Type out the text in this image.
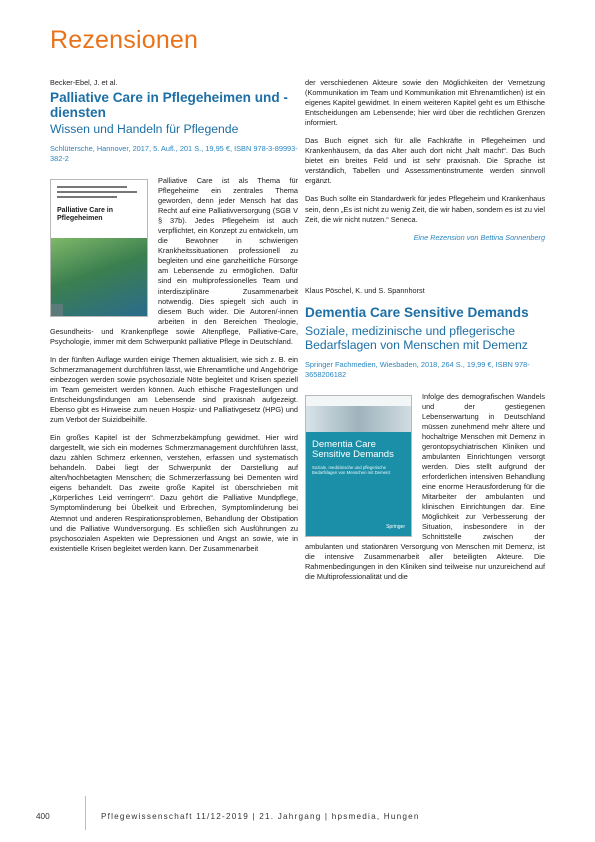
Rezensionen

Becker-Ebel, J. et al.

Palliative Care in Pflegeheimen und -diensten

Wissen und Handeln für Pflegende

Schlütersche, Hannover, 2017, 5. Aufl., 201 S., 19,95 €, ISBN 978-3-89993-382-2

Palliative Care in Pflegeheimen

Palliative Care ist als Thema für Pflegeheime ein zentrales Thema geworden, denn jeder Mensch hat das Recht auf eine Palliativversorgung (SGB V § 37b). Jedes Pflegeheim ist auch verpflichtet, ein Konzept zu entwickeln, um die Bewohner in schwierigen Krankheitssituationen professionell zu begleiten und eine ganzheitliche Fürsorge am Lebensende zu ermöglichen. Dafür sind ein multiprofessionelles Team und interdisziplinäre Zusammenarbeit notwendig. Dies spiegelt sich auch in diesem Buch wider. Die Autoren/-innen arbeiten in den Bereichen Theologie, Gesundheits- und Krankenpflege sowie Altenpflege, Palliative-Care, Psychologie, immer mit dem Schwerpunkt palliative Pflege in Deutschland.

In der fünften Auflage wurden einige Themen aktualisiert, wie sich z. B. ein Schmerzmanagement durchführen lässt, wie Ehrenamtliche und Angehörige einbezogen werden sowie psychosoziale Nöte begleitet und Krisen speziell im Team gemeistert werden können. Auch ethische Fragestellungen und Entscheidungsfindungen am Lebensende sind praxisnah aufgezeigt. Ebenso gibt es Hinweise zum neuen Hospiz- und Palliativgesetz (HPG) und zum Verbot der Suizidbeihilfe.

Ein großes Kapitel ist der Schmerzbekämpfung gewidmet. Hier wird dargestellt, wie sich ein modernes Schmerzmanagement durchführen lässt, dazu zählen Schmerz erkennen, verstehen, erfassen und systematisch behandeln. Dabei liegt der Schwerpunkt der Darstellung auf alten/hochbetagten Menschen; die Schmerzerfassung bei Dementen wird eigens behandelt. Das zweite große Kapitel ist überschrieben mit „Körperliches Leid verringern“. Dazu gehört die Palliative Mundpflege, Symptomlinderung bei Übelkeit und Erbrechen, Symptomlinderung bei Atemnot und anderen Respirationsproblemen, Behandlung der Obstipation und die Palliative Wundversorgung. Es schließen sich Ausführungen zu psychosozialen Aspekten wie Depressionen und Angst an sowie, wie in existentielle Krisen begleitet werden kann. Der Zusammenarbeit

der verschiedenen Akteure sowie den Möglichkeiten der Vernetzung (Kommunikation im Team und Kommunikation mit Ehrenamtlichen) ist ein eigenes Kapitel gewidmet. In einem weiteren Kapitel geht es um Ethische Entscheidungen am Lebensende; hier wird über die rechtlichen Grenzen informiert.

Das Buch eignet sich für alle Fachkräfte in Pflegeheimen und Krankenhäusern, da das Alter auch dort nicht „halt macht“. Das Buch bietet ein breites Feld und ist sehr praxisnah. Die Sprache ist verständlich, Tabellen und Assessmentinstrumente werden sinnvoll ergänzt.

Das Buch sollte ein Standardwerk für jedes Pflegeheim und Krankenhaus sein, denn „Es ist nicht zu wenig Zeit, die wir haben, sondern es ist zu viel Zeit, die wir nicht nutzen.“ Seneca.

Eine Rezension von Bettina Sonnenberg

Klaus Pöschel, K. und S. Spannhorst

Dementia Care Sensitive Demands

Soziale, medizinische und pflegerische Bedarfslagen von Menschen mit Demenz

Springer Fachmedien, Wiesbaden, 2018, 264 S., 19,99 €, ISBN 978-3658206182

Dementia Care Sensitive Demands
Soziale, medizinische und pflegerische Bedarfslagen von Menschen mit Demenz
Springer

Infolge des demografischen Wandels und der gestiegenen Lebenserwartung in Deutschland müssen zunehmend mehr ältere und hochaltrige Menschen mit Demenz in gerontopsychiatrischen Kliniken und ambulanten Einrichtungen versorgt werden. Dies stellt aufgrund der erforderlichen intensiven Behandlung eine enorme Herausforderung für die Mitarbeiter der ambulanten und klinischen Einrichtungen dar. Eine Möglichkeit zur Verbesserung der Situation, insbesondere in der Schnittstelle zwischen der ambulanten und stationären Versorgung von Menschen mit Demenz, ist die intensive Zusammenarbeit aller beteiligten Akteure. Die Rahmenbedingungen in den Kliniken sind teilweise nur unzureichend auf die Multiprofessionalität und die

400	Pflegewissenschaft 11/12-2019 | 21. Jahrgang | hpsmedia, Hungen
